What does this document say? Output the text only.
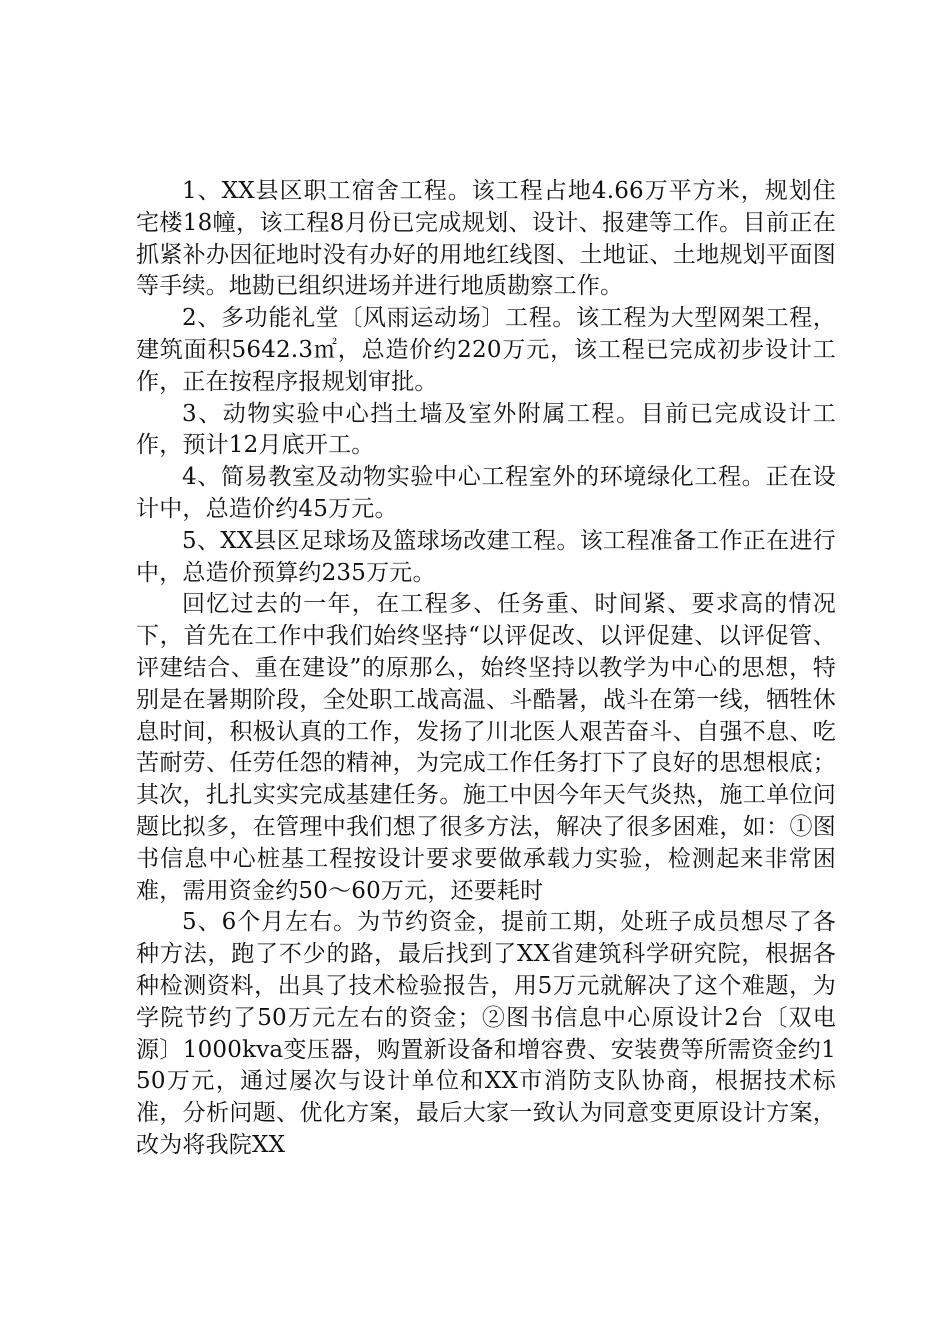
1、XX县区职工宿舍工程。该工程占地4.66万平方米，规划住宅楼18幢，该工程8月份已完成规划、设计、报建等工作。目前正在抓紧补办因征地时没有办好的用地红线图、土地证、土地规划平面图等手续。地勘已组织进场并进行地质勘察工作。

2、多功能礼堂〔风雨运动场〕工程。该工程为大型网架工程，建筑面积5642.3㎡，总造价约220万元，该工程已完成初步设计工作，正在按程序报规划审批。

3、动物实验中心挡土墙及室外附属工程。目前已完成设计工作，预计12月底开工。

4、简易教室及动物实验中心工程室外的环境绿化工程。正在设计中，总造价约45万元。

5、XX县区足球场及篮球场改建工程。该工程准备工作正在进行中，总造价预算约235万元。

回忆过去的一年，在工程多、任务重、时间紧、要求高的情况下，首先在工作中我们始终坚持“以评促改、以评促建、以评促管、评建结合、重在建设”的原那么，始终坚持以教学为中心的思想，特别是在暑期阶段，全处职工战高温、斗酷暑，战斗在第一线，牺牲休息时间，积极认真的工作，发扬了川北医人艰苦奋斗、自强不息、吃苦耐劳、任劳任怨的精神，为完成工作任务打下了良好的思想根底；其次，扎扎实实完成基建任务。施工中因今年天气炎热，施工单位问题比拟多，在管理中我们想了很多方法，解决了很多困难，如：①图书信息中心桩基工程按设计要求要做承载力实验，检测起来非常困难，需用资金约50～60万元，还要耗时

5、6个月左右。为节约资金，提前工期，处班子成员想尽了各种方法，跑了不少的路，最后找到了XX省建筑科学研究院，根据各种检测资料，出具了技术检验报告，用5万元就解决了这个难题，为学院节约了50万元左右的资金；②图书信息中心原设计2台〔双电源〕1000kva变压器，购置新设备和增容费、安装费等所需资金约150万元，通过屡次与设计单位和XX市消防支队协商，根据技术标准，分析问题、优化方案，最后大家一致认为同意变更原设计方案，改为将我院XX
